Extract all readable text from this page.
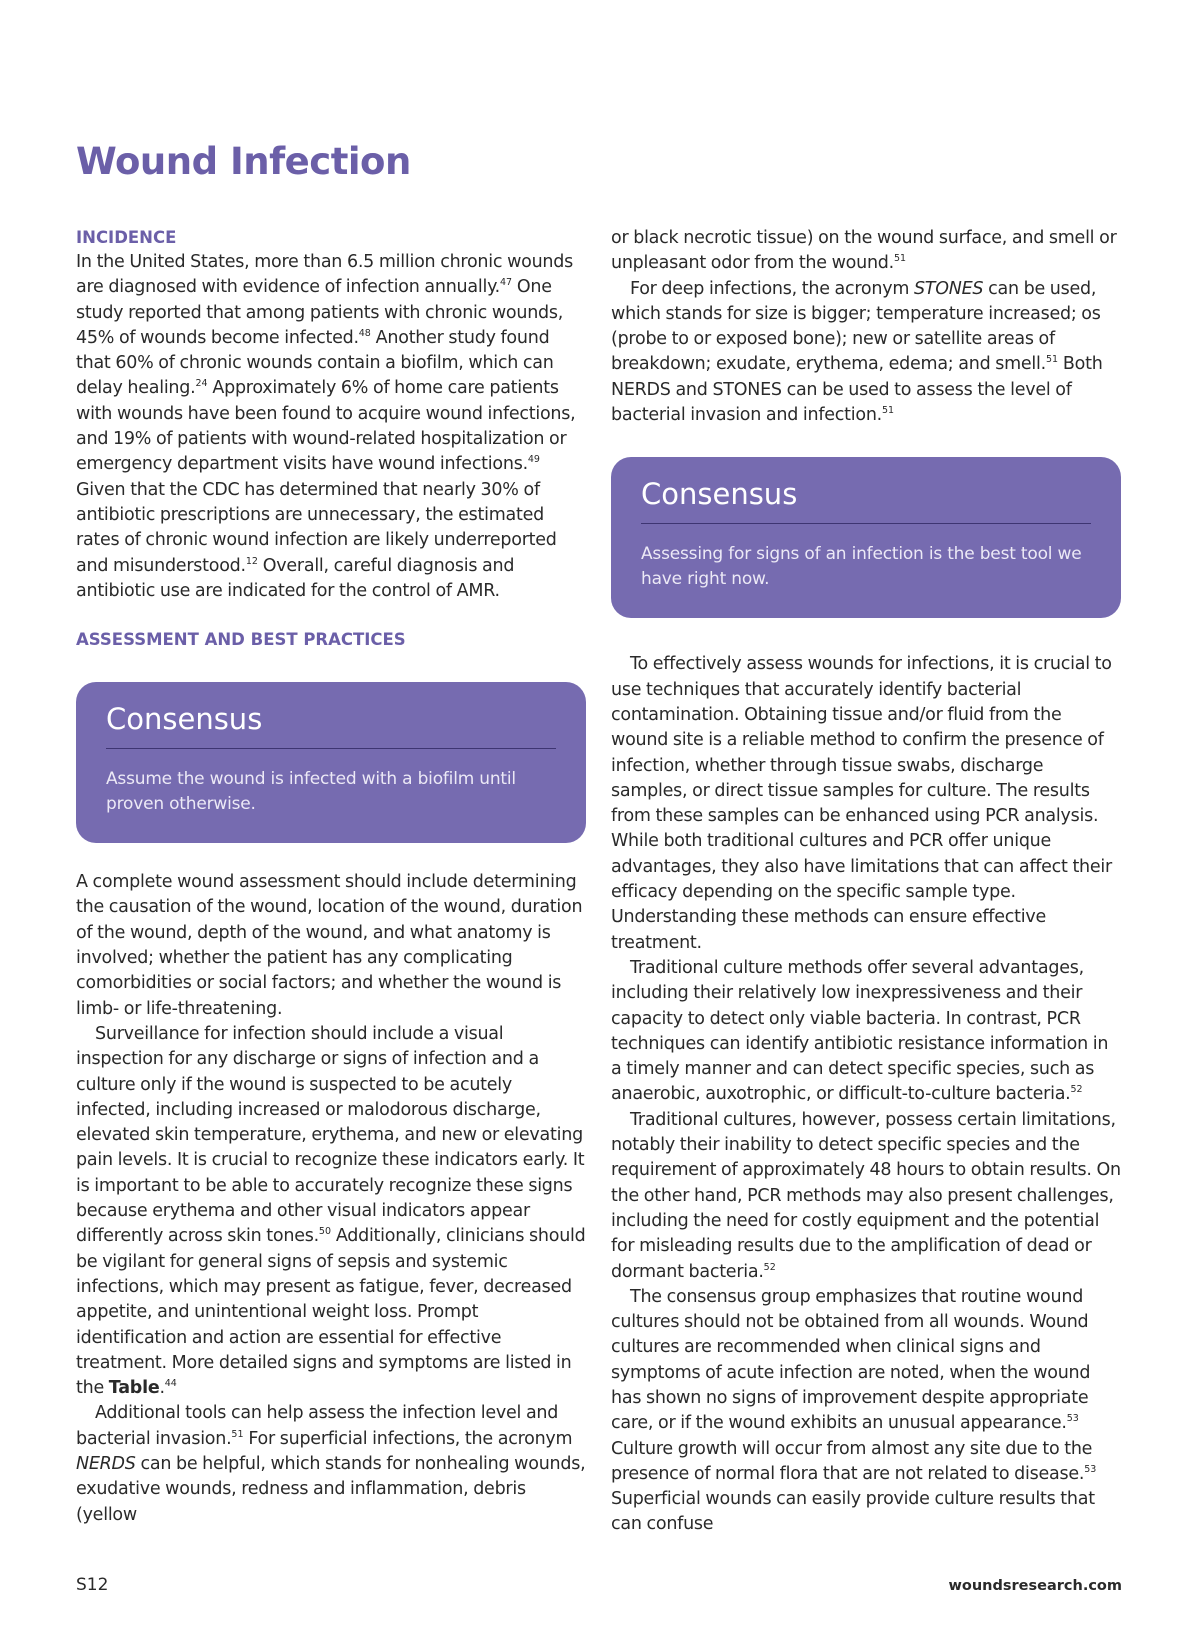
Wound Infection
INCIDENCE

In the United States, more than 6.5 million chronic wounds are diagnosed with evidence of infection annually.$^{47}$ One study reported that among patients with chronic wounds, 45% of wounds become infected.$^{48}$ Another study found that 60% of chronic wounds contain a biofilm, which can delay healing.$^{24}$ Approximately 6% of home care patients with wounds have been found to acquire wound infections, and 19% of patients with wound-related hospitalization or emergency department visits have wound infections.$^{49}$ Given that the CDC has determined that nearly 30% of antibiotic prescriptions are unnecessary, the estimated rates of chronic wound infection are likely underreported and misunderstood.$^{12}$ Overall, careful diagnosis and antibiotic use are indicated for the control of AMR.

ASSESSMENT AND BEST PRACTICES
Consensus

Assume the wound is infected with a biofilm until proven otherwise.

A complete wound assessment should include determining the causation of the wound, location of the wound, duration of the wound, depth of the wound, and what anatomy is involved; whether the patient has any complicating comorbidities or social factors; and whether the wound is limb- or life-threatening.

Surveillance for infection should include a visual inspection for any discharge or signs of infection and a culture only if the wound is suspected to be acutely infected, including increased or malodorous discharge, elevated skin temperature, erythema, and new or elevating pain levels. It is crucial to recognize these indicators early. It is important to be able to accurately recognize these signs because erythema and other visual indicators appear differently across skin tones.$^{50}$ Additionally, clinicians should be vigilant for general signs of sepsis and systemic infections, which may present as fatigue, fever, decreased appetite, and unintentional weight loss. Prompt identification and action are essential for effective treatment. More detailed signs and symptoms are listed in the Table.$^{44}$

Additional tools can help assess the infection level and bacterial invasion.$^{51}$ For superficial infections, the acronym NERDS can be helpful, which stands for nonhealing wounds, exudative wounds, redness and inflammation, debris (yellow

or black necrotic tissue) on the wound surface, and smell or unpleasant odor from the wound.$^{51}$

For deep infections, the acronym STONES can be used, which stands for size is bigger; temperature increased; os (probe to or exposed bone); new or satellite areas of breakdown; exudate, erythema, edema; and smell.$^{51}$ Both NERDS and STONES can be used to assess the level of bacterial invasion and infection.$^{51}$

Consensus

Assessing for signs of an infection is the best tool we have right now.

To effectively assess wounds for infections, it is crucial to use techniques that accurately identify bacterial contamination. Obtaining tissue and/or fluid from the wound site is a reliable method to confirm the presence of infection, whether through tissue swabs, discharge samples, or direct tissue samples for culture. The results from these samples can be enhanced using PCR analysis. While both traditional cultures and PCR offer unique advantages, they also have limitations that can affect their efficacy depending on the specific sample type. Understanding these methods can ensure effective treatment.

Traditional culture methods offer several advantages, including their relatively low inexpressiveness and their capacity to detect only viable bacteria. In contrast, PCR techniques can identify antibiotic resistance information in a timely manner and can detect specific species, such as anaerobic, auxotrophic, or difficult-to-culture bacteria.$^{52}$

Traditional cultures, however, possess certain limitations, notably their inability to detect specific species and the requirement of approximately 48 hours to obtain results. On the other hand, PCR methods may also present challenges, including the need for costly equipment and the potential for misleading results due to the amplification of dead or dormant bacteria.$^{52}$

The consensus group emphasizes that routine wound cultures should not be obtained from all wounds. Wound cultures are recommended when clinical signs and symptoms of acute infection are noted, when the wound has shown no signs of improvement despite appropriate care, or if the wound exhibits an unusual appearance.$^{53}$ Culture growth will occur from almost any site due to the presence of normal flora that are not related to disease.$^{53}$ Superficial wounds can easily provide culture results that can confuse

S12	woundsresearch.com
